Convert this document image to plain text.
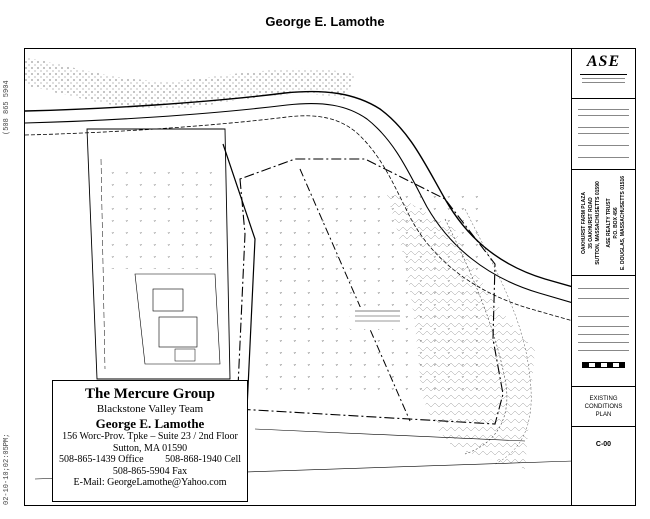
George E. Lamothe
02-10-10;02:05PM;
(508 865 5904
ASE
OAKHURST FARM PLAZA 35 OAKHURST ROAD SUTTON, MASSACHUSETTS 01590 ASE REALTY TRUST P.O. BOX 456 E. DOUGLAS, MASSACHUSETTS 01516
EXISTING
CONDITIONS
PLAN
C-00
The Mercure Group
Blackstone Valley Team
George E. Lamothe
156 Worc-Prov. Tpke – Suite 23 / 2nd Floor
Sutton, MA 01590
508-865-1439 Office 508-868-1940 Cell
508-865-5904 Fax
E-Mail: GeorgeLamothe@Yahoo.com
